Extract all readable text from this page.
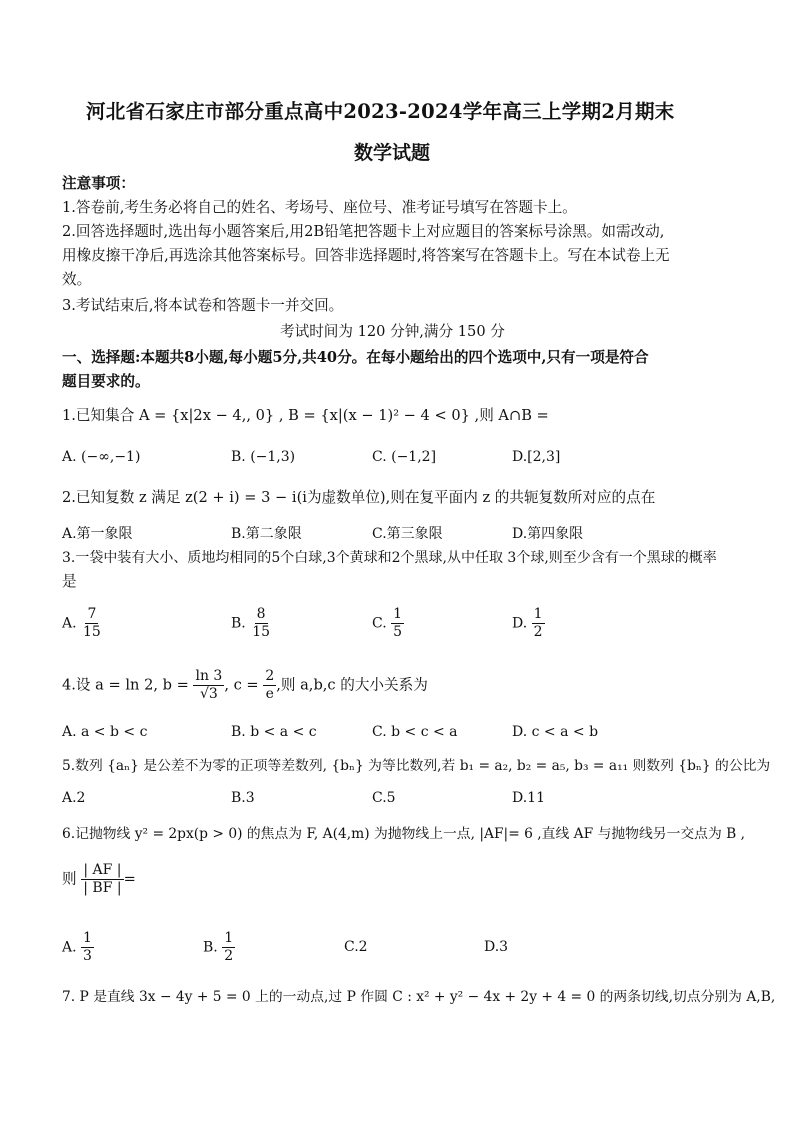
河北省石家庄市部分重点高中2023-2024学年高三上学期2月期末
数学试题
注意事项：
1.答卷前,考生务必将自己的姓名、考场号、座位号、准考证号填写在答题卡上。
2.回答选择题时,选出每小题答案后,用2B铅笔把答题卡上对应题目的答案标号涂黑。如需改动,
用橡皮擦干净后,再选涂其他答案标号。回答非选择题时,将答案写在答题卡上。写在本试卷上无
效。
3.考试结束后,将本试卷和答题卡一并交回。
考试时间为 120 分钟,满分 150 分
一、选择题:本题共8小题,每小题5分,共40分。在每小题给出的四个选项中,只有一项是符合
题目要求的。
1.已知集合 A = {x|2x − 4,, 0} , B = {x|(x − 1)² − 4 < 0} ,则 A∩B =
A. (−∞,−1)	B. (−1,3)	C. (−1,2]	D.[2,3]
2.已知复数 z 满足 z(2 + i) = 3 − i(i为虚数单位),则在复平面内 z 的共轭复数所对应的点在
A.第一象限	B.第二象限	C.第三象限	D.第四象限
3.一袋中装有大小、质地均相同的5个白球,3个黄球和2个黑球,从中任取 3个球,则至少含有一个黑球的概率
是
A. $\frac{7}{15}$	B. $\frac{8}{15}$	C. $\frac{1}{5}$	D. $\frac{1}{2}$
4.设 a = ln 2, $b = \frac{\ln 3}{√3}$ , $c = \frac{2}{e}$ ,则 a,b,c 的大小关系为
A. a < b < c	B. b < a < c	C. b < c < a	D. c < a < b
5.数列 {aₙ} 是公差不为零的正项等差数列, {bₙ} 为等比数列,若 b₁ = a₂, b₂ = a₅, b₃ = a₁₁ 则数列 {bₙ} 的公比为
A.2	B.3	C.5	D.11
6.记抛物线 y² = 2px(p > 0) 的焦点为 F, A(4,m) 为抛物线上一点, |AF|= 6 ,直线 AF 与抛物线另一交点为 B ,
则 $\frac{| AF |}{| BF |}$ =
A. $\frac{1}{3}$	B. $\frac{1}{2}$	C.2	D.3
7. P 是直线 3x − 4y + 5 = 0 上的一动点,过 P 作圆 C : x² + y² − 4x + 2y + 4 = 0 的两条切线,切点分别为 A,B,
